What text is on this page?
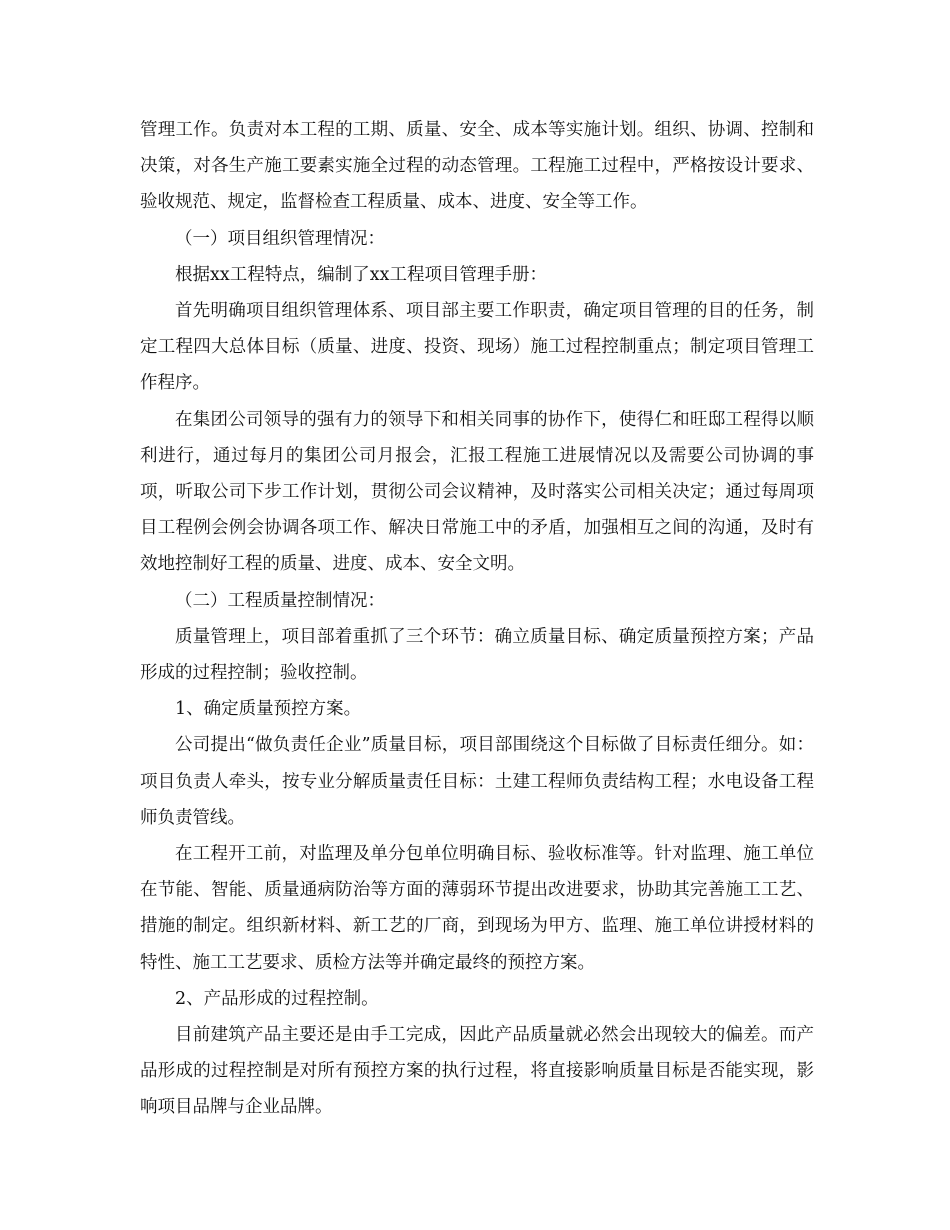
管理工作。负责对本工程的工期、质量、安全、成本等实施计划。组织、协调、控制和决策，对各生产施工要素实施全过程的动态管理。工程施工过程中，严格按设计要求、验收规范、规定，监督检查工程质量、成本、进度、安全等工作。

（一）项目组织管理情况：

根据xx工程特点，编制了xx工程项目管理手册：

首先明确项目组织管理体系、项目部主要工作职责，确定项目管理的目的任务，制定工程四大总体目标（质量、进度、投资、现场）施工过程控制重点；制定项目管理工作程序。

在集团公司领导的强有力的领导下和相关同事的协作下，使得仁和旺邸工程得以顺利进行，通过每月的集团公司月报会，汇报工程施工进展情况以及需要公司协调的事项，听取公司下步工作计划，贯彻公司会议精神，及时落实公司相关决定；通过每周项目工程例会例会协调各项工作、解决日常施工中的矛盾，加强相互之间的沟通，及时有效地控制好工程的质量、进度、成本、安全文明。

（二）工程质量控制情况：

质量管理上，项目部着重抓了三个环节：确立质量目标、确定质量预控方案；产品形成的过程控制；验收控制。

1、确定质量预控方案。

公司提出“做负责任企业”质量目标，项目部围绕这个目标做了目标责任细分。如：项目负责人牵头，按专业分解质量责任目标：土建工程师负责结构工程；水电设备工程师负责管线。

在工程开工前，对监理及单分包单位明确目标、验收标准等。针对监理、施工单位在节能、智能、质量通病防治等方面的薄弱环节提出改进要求，协助其完善施工工艺、措施的制定。组织新材料、新工艺的厂商，到现场为甲方、监理、施工单位讲授材料的特性、施工工艺要求、质检方法等并确定最终的预控方案。

2、产品形成的过程控制。

目前建筑产品主要还是由手工完成，因此产品质量就必然会出现较大的偏差。而产品形成的过程控制是对所有预控方案的执行过程，将直接影响质量目标是否能实现，影响项目品牌与企业品牌。
